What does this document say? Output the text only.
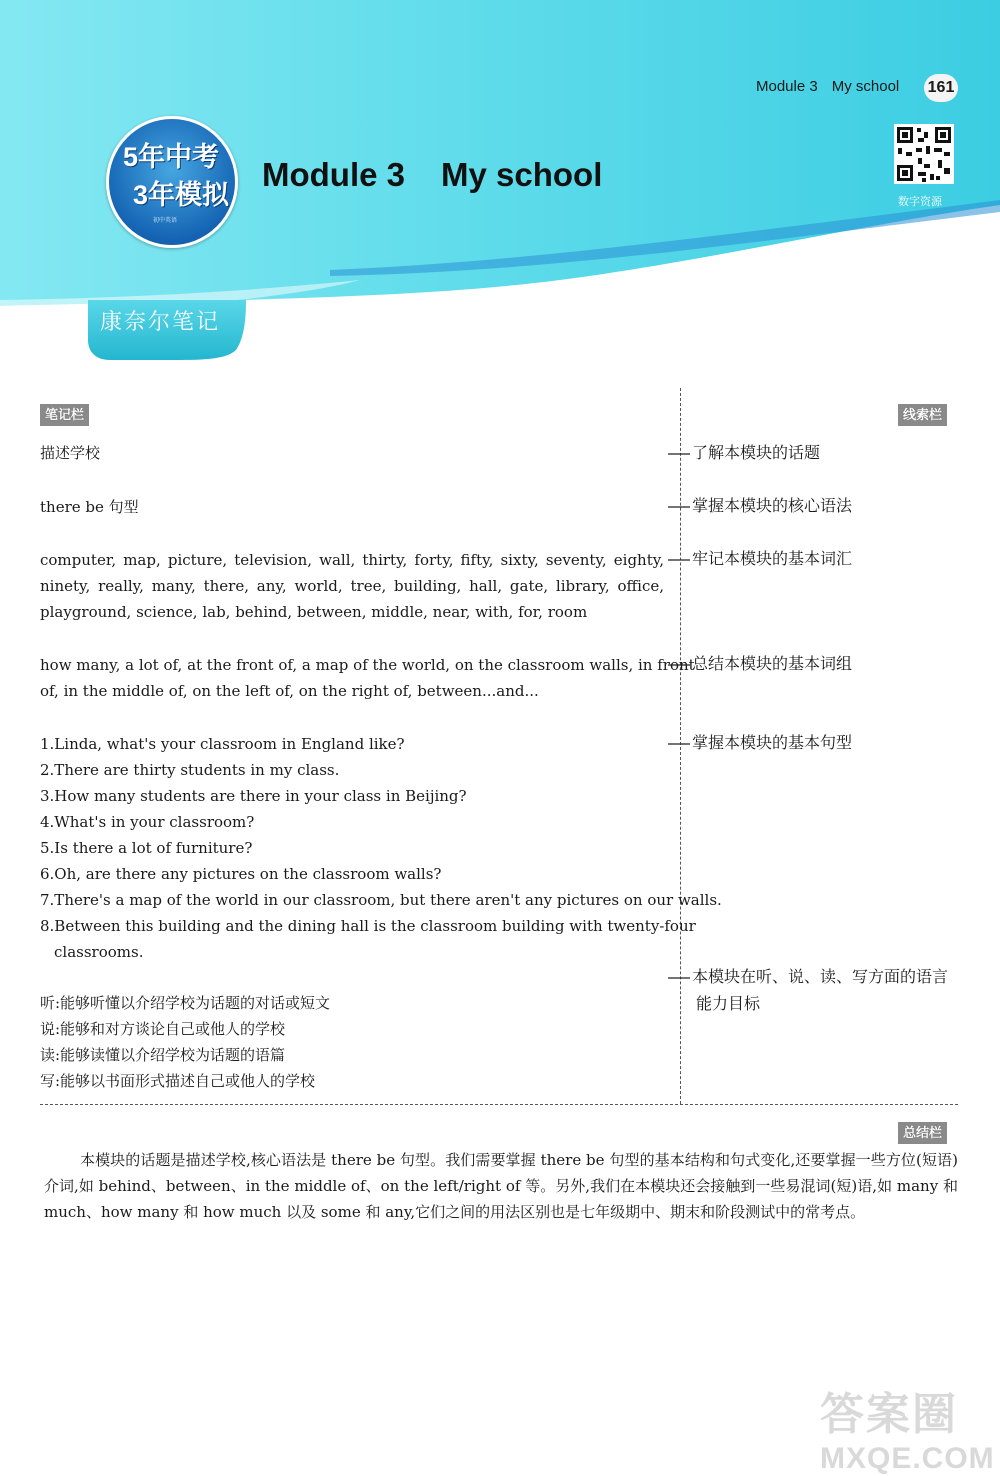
Module 3 My school 161
5年中考
3年模拟
初中英语
Module 3 My school
数字资源
康奈尔笔记
笔记栏	线索栏
总结栏
描述学校
there be 句型
computer, map, picture, television, wall, thirty, forty, fifty, sixty, seventy, eighty,
ninety, really, many, there, any, world, tree, building, hall, gate, library, office,
playground, science, lab, behind, between, middle, near, with, for, room
how many, a lot of, at the front of, a map of the world, on the classroom walls, in front
of, in the middle of, on the left of, on the right of, between...and...
1.Linda, what's your classroom in England like?
2.There are thirty students in my class.
3.How many students are there in your class in Beijing?
4.What's in your classroom?
5.Is there a lot of furniture?
6.Oh, are there any pictures on the classroom walls?
7.There's a map of the world in our classroom, but there aren't any pictures on our walls.
8.Between this building and the dining hall is the classroom building with twenty-four
classrooms.
听:能够听懂以介绍学校为话题的对话或短文
说:能够和对方谈论自己或他人的学校
读:能够读懂以介绍学校为话题的语篇
写:能够以书面形式描述自己或他人的学校
了解本模块的话题
掌握本模块的核心语法
牢记本模块的基本词汇
总结本模块的基本词组
掌握本模块的基本句型
本模块在听、说、读、写方面的语言
能力目标
本模块的话题是描述学校,核心语法是 there be 句型。我们需要掌握 there be 句型的基本结构和句式变化,还要掌握一些方位(短语)介词,如 behind、between、in the middle of、on the left/right of 等。另外,我们在本模块还会接触到一些易混词(短)语,如 many 和 much、how many 和 how much 以及 some 和 any,它们之间的用法区别也是七年级期中、期末和阶段测试中的常考点。
答案圈
MXQE.COM
